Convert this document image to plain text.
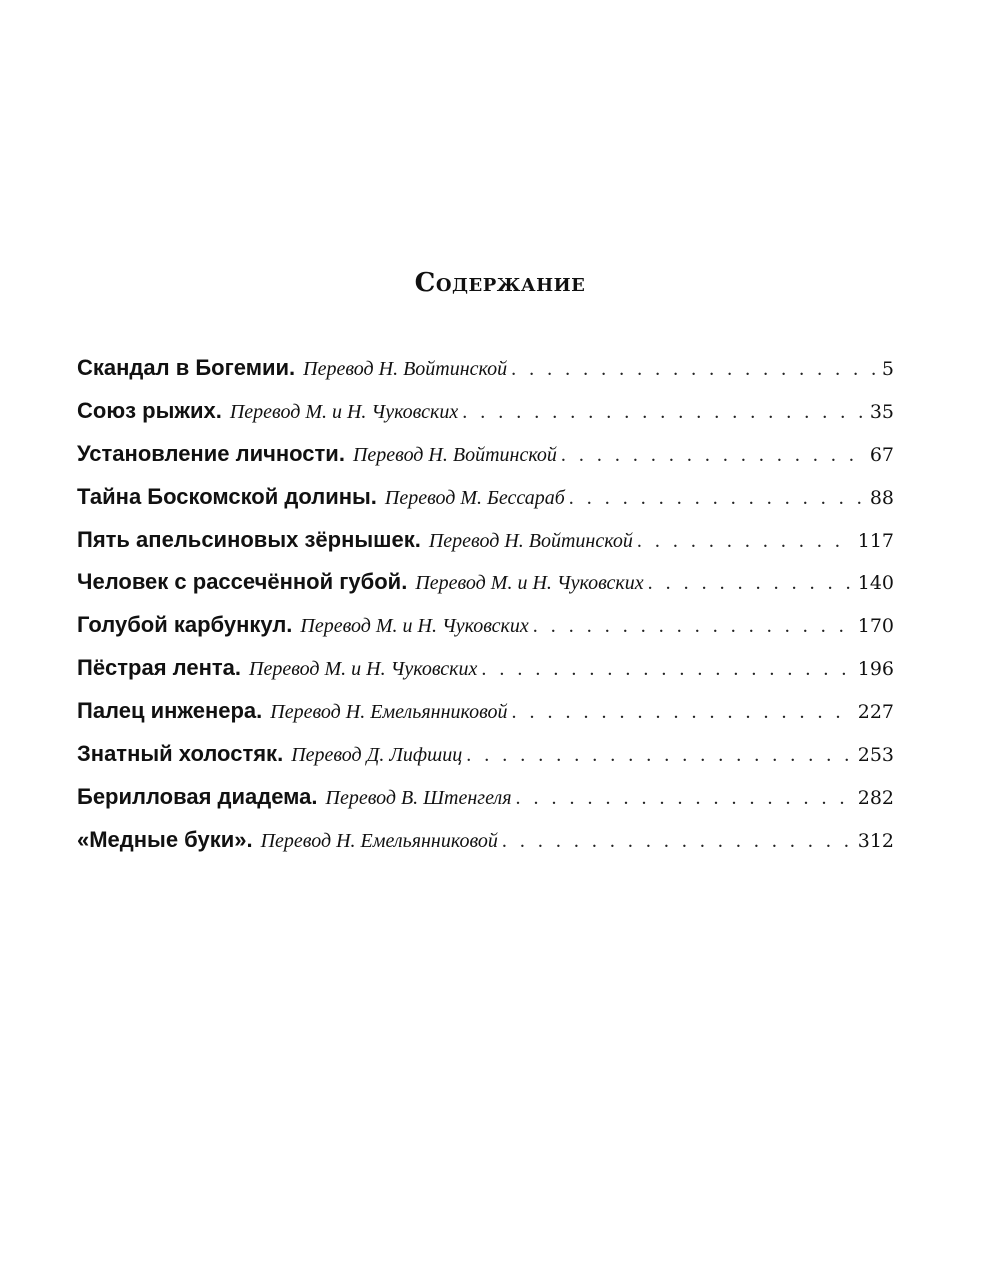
Содержание
Скандал в Богемии. Перевод Н. Войтинской . . .	5
Союз рыжих. Перевод М. и Н. Чуковских . . .	35
Установление личности. Перевод Н. Войтинской . . .	67
Тайна Боскомской долины. Перевод М. Бессараб . . .	88
Пять апельсиновых зёрнышек. Перевод Н. Войтинской . . .	117
Человек с рассечённой губой. Перевод М. и Н. Чуковских . . .	140
Голубой карбункул. Перевод М. и Н. Чуковских . . .	170
Пёстрая лента. Перевод М. и Н. Чуковских . . .	196
Палец инженера. Перевод Н. Емельянниковой . . .	227
Знатный холостяк. Перевод Д. Лифшиц . . .	253
Берилловая диадема. Перевод В. Штенгеля . . .	282
«Медные буки». Перевод Н. Емельянниковой . . .	312
